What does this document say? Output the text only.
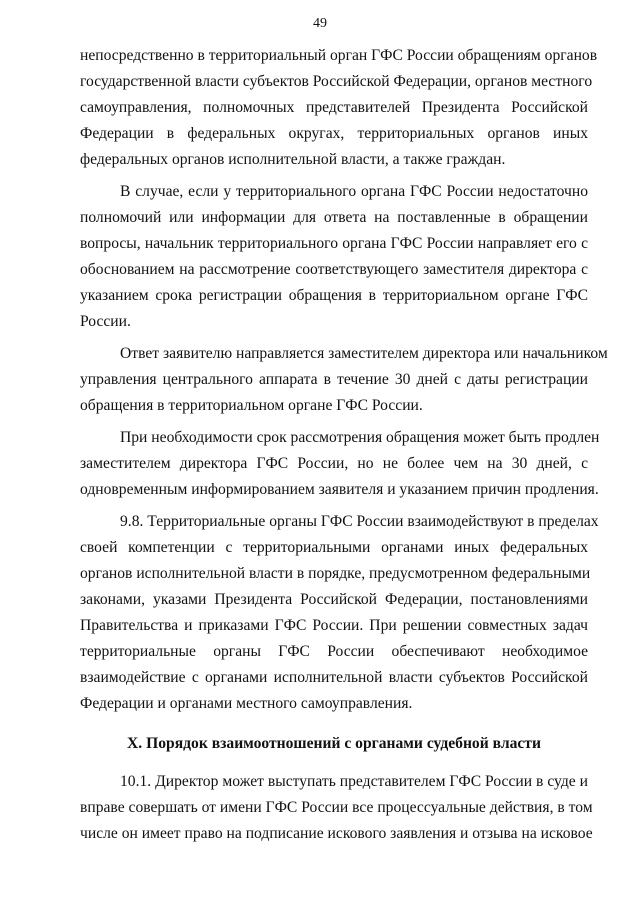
49

непосредственно в территориальный орган ГФС России обращениям органов
государственной власти субъектов Российской Федерации, органов местного
самоуправления, полномочных представителей Президента Российской
Федерации в федеральных округах, территориальных органов иных
федеральных органов исполнительной власти, а также граждан.

В случае, если у территориального органа ГФС России недостаточно
полномочий или информации для ответа на поставленные в обращении
вопросы, начальник территориального органа ГФС России направляет его с
обоснованием на рассмотрение соответствующего заместителя директора с
указанием срока регистрации обращения в территориальном органе ГФС
России.

Ответ заявителю направляется заместителем директора или начальником
управления центрального аппарата в течение 30 дней с даты регистрации
обращения в территориальном органе ГФС России.

При необходимости срок рассмотрения обращения может быть продлен
заместителем директора ГФС России, но не более чем на 30 дней, с
одновременным информированием заявителя и указанием причин продления.

9.8. Территориальные органы ГФС России взаимодействуют в пределах
своей компетенции с территориальными органами иных федеральных
органов исполнительной власти в порядке, предусмотренном федеральными
законами, указами Президента Российской Федерации, постановлениями
Правительства и приказами ГФС России. При решении совместных задач
территориальные органы ГФС России обеспечивают необходимое
взаимодействие с органами исполнительной власти субъектов Российской
Федерации и органами местного самоуправления.

X. Порядок взаимоотношений с органами судебной власти

10.1. Директор может выступать представителем ГФС России в суде и
вправе совершать от имени ГФС России все процессуальные действия, в том
числе он имеет право на подписание искового заявления и отзыва на исковое
